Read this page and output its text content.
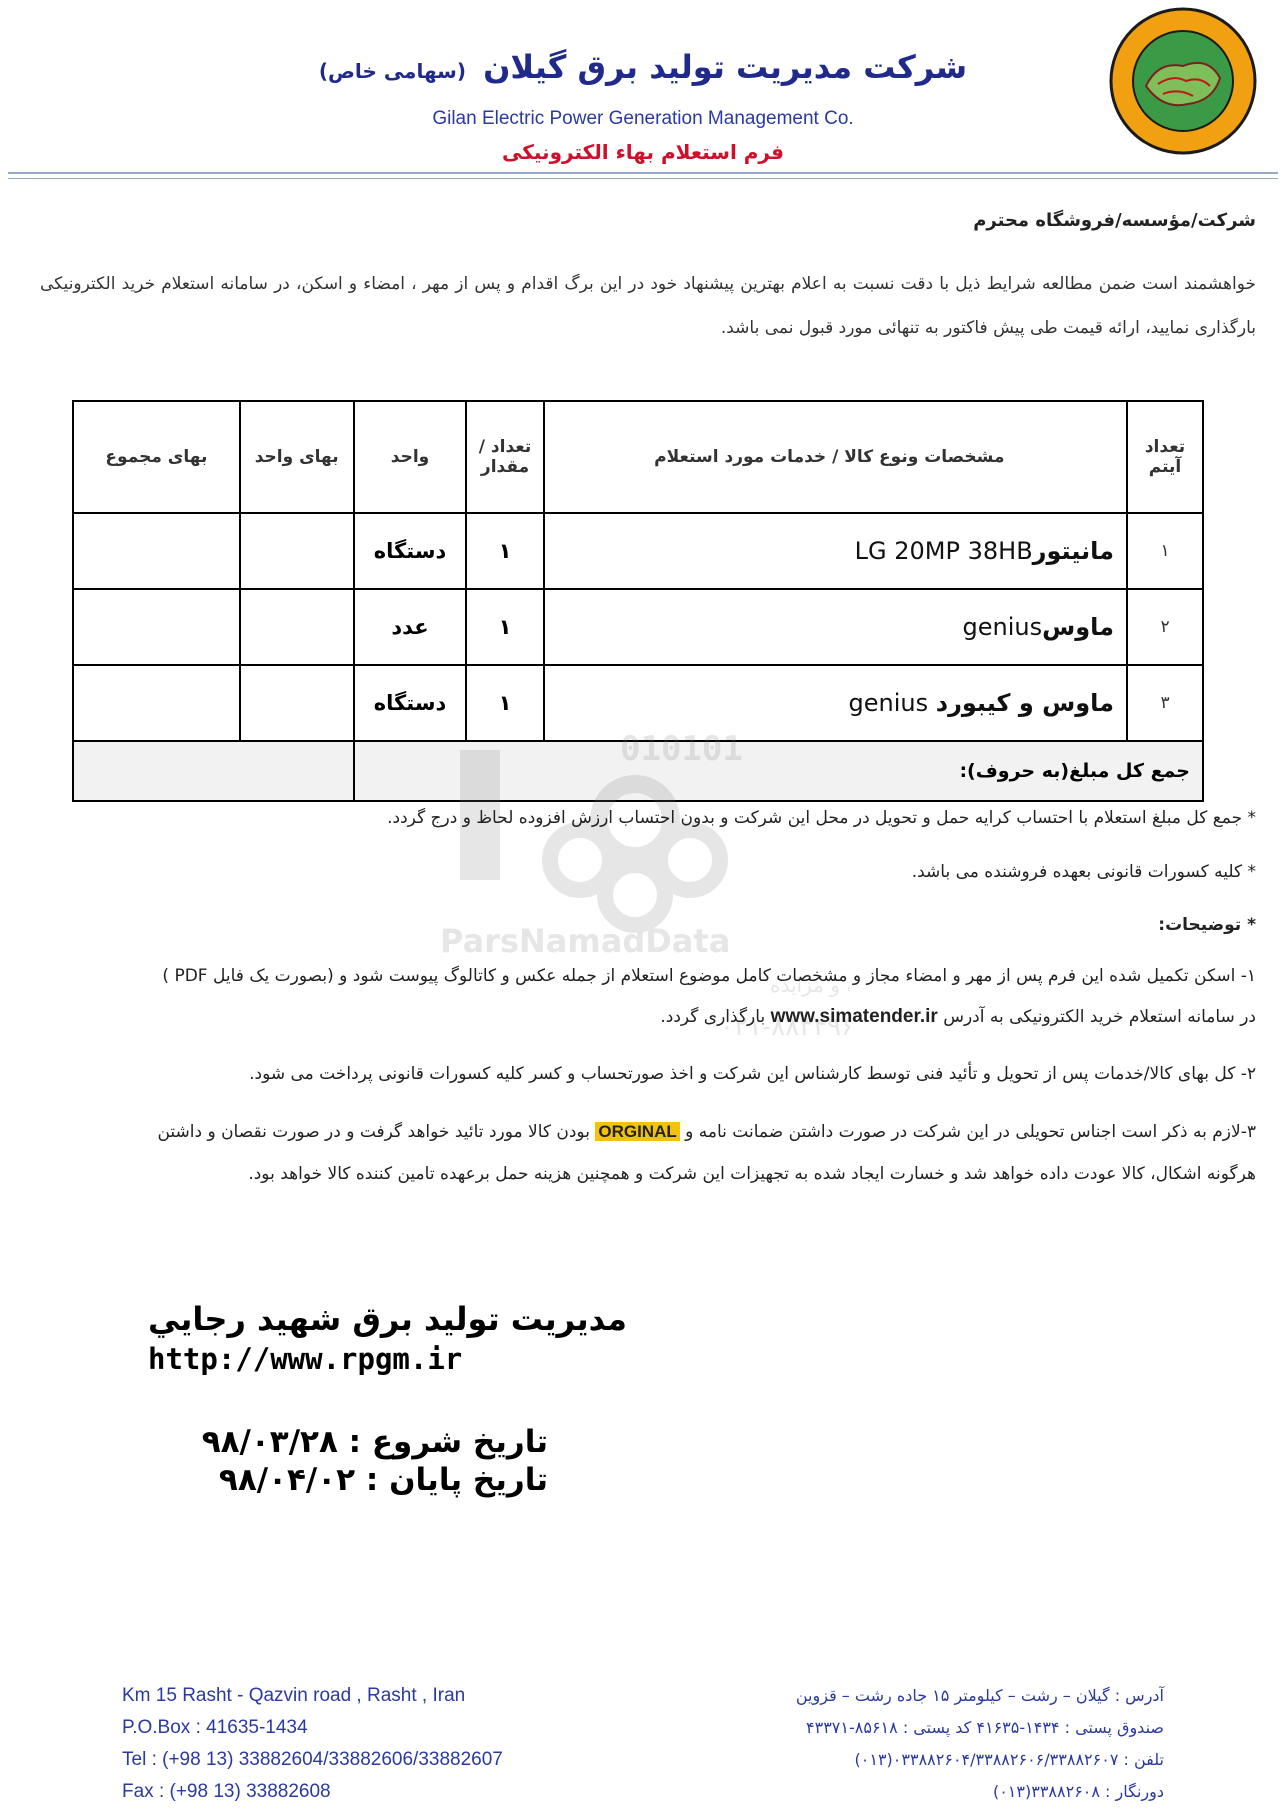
شرکت مدیریت تولید برق گیلان (سهامی خاص)
Gilan Electric Power Generation Management Co.
فرم استعلام بهاء الکترونیکی
شرکت/مؤسسه/فروشگاه محترم
خواهشمند است ضمن مطالعه شرایط ذیل با دقت نسبت به اعلام بهترین پیشنهاد خود در این برگ اقدام و پس از مهر ، امضاء و اسکن، در سامانه استعلام خرید الکترونیکی بارگذاری نمایید، ارائه قیمت طی پیش فاکتور به تنهائی مورد قبول نمی باشد.
تعداد آیتم	مشخصات ونوع کالا / خدمات مورد استعلام	تعداد / مقدار	واحد	بهای واحد	بهای مجموع
۱	مانیتورLG 20MP 38HB	۱	دستگاه		
۲	ماوسgenius	۱	عدد		
۳	ماوس و کیبورد genius	۱	دستگاه		
جمع کل مبلغ(به حروف):					
010101
ParsNamadData
و مزایده
۰۲۱-۸۸۳۴۹۶
* جمع کل مبلغ استعلام با احتساب کرایه حمل و تحویل در محل این شرکت و بدون احتساب ارزش افزوده لحاظ و درج گردد.
* کلیه کسورات قانونی بعهده فروشنده می باشد.
* توضیحات:
۱- اسکن تکمیل شده این فرم پس از مهر و امضاء مجاز و مشخصات کامل موضوع استعلام از جمله عکس و کاتالوگ پیوست شود و (بصورت یک فایل PDF )
در سامانه استعلام خرید الکترونیکی به آدرس www.simatender.ir بارگذاری گردد.
۲- کل بهای کالا/خدمات پس از تحویل و تأئید فنی توسط کارشناس این شرکت و اخذ صورتحساب و کسر کلیه کسورات قانونی پرداخت می شود.
۳-لازم به ذکر است اجناس تحویلی در این شرکت در صورت داشتن ضمانت نامه و ORGINAL بودن کالا مورد تائید خواهد گرفت و در صورت نقصان و داشتن
هرگونه اشکال، کالا عودت داده خواهد شد و خسارت ایجاد شده به تجهیزات این شرکت و همچنین هزینه حمل برعهده تامین کننده کالا خواهد بود.
مديريت توليد برق شهيد رجايي
http://www.rpgm.ir
تاريخ شروع : ۹۸/۰۳/۲۸
تاريخ پايان : ۹۸/۰۴/۰۲
Km 15 Rasht - Qazvin road , Rasht , Iran
P.O.Box : 41635-1434
Tel : (+98 13) 33882604/33882606/33882607
Fax : (+98 13) 33882608
آدرس : گیلان – رشت – کیلومتر ۱۵ جاده رشت – قزوین
صندوق پستی : ۱۴۳۴-۴۱۶۳۵ کد پستی : ۸۵۶۱۸-۴۳۳۷۱
تلفن : ۰۳۳۸۸۲۶۰۴/۳۳۸۸۲۶۰۶/۳۳۸۸۲۶۰۷(۰۱۳)
دورنگار : ۳۳۸۸۲۶۰۸(۰۱۳)
